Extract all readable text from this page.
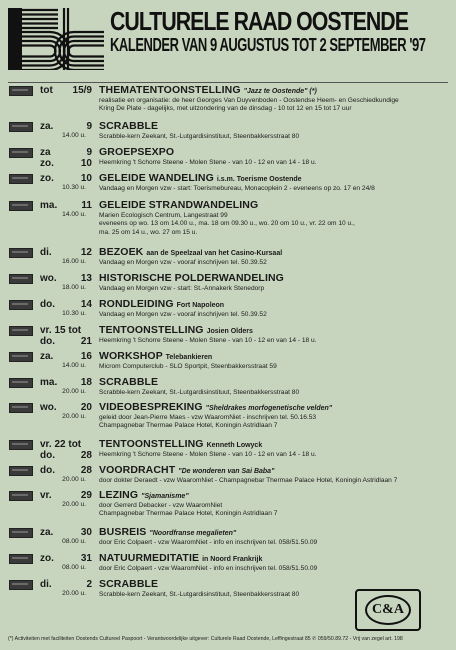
CULTURELE RAAD OOSTENDE
KALENDER VAN 9 AUGUSTUS TOT 2 SEPTEMBER '97
tot	15/9 THEMATENTOONSTELLING "Jazz te Oostende" (*)
realisatie en organisatie: de heer Georges Van Duyvenboden - Oostendse Heem- en Geschiedkundige
Kring De Plate - dagelijks, met uitzondering van de dinsdag - 10 tot 12 en 15 tot 17 uur
za.	9
14.00 u.
SCRABBLE
Scrabble-kern Zeekant, St.-Lutgardisinstituut, Steenbakkersstraat 80
za	9
zo.	10
GROEPSEXPO
Heemkring 't Schorre Steene - Molen Stene - van 10 - 12 en van 14 - 18 u.
zo.	10
10.30 u.
GELEIDE WANDELING i.s.m. Toerisme Oostende
Vandaag en Morgen vzw - start: Toerismebureau, Monacoplein 2 - eveneens op zo. 17 en 24/8
ma.	11
14.00 u.
GELEIDE STRANDWANDELING
Marien Ecologisch Centrum, Langestraat 99
eveneens op wo. 13 om 14.00 u., ma. 18 om 09.30 u., wo. 20 om 10 u., vr. 22 om 10 u.,
ma. 25 om 14 u., wo. 27 om 15 u.
di.	12
16.00 u.
BEZOEK aan de Speelzaal van het Casino-Kursaal
Vandaag en Morgen vzw - vooraf inschrijven tel. 50.39.52
wo.	13
18.00 u.
HISTORISCHE POLDERWANDELING
Vandaag en Morgen vzw - start: St.-Annakerk Stenedorp
do.	14
10.30 u.
RONDLEIDING Fort Napoleon
Vandaag en Morgen vzw - vooraf inschrijven tel. 50.39.52
vr. 15 tot
do.	21
TENTOONSTELLING Josien Olders
Heemkring 't Schorre Steene - Molen Stene - van 10 - 12 en van 14 - 18 u.
za.	16
14.00 u.
WORKSHOP Telebankieren
Microm Computerclub - SLO Sportpit, Steenbakkersstraat 59
ma.	18
20.00 u.
SCRABBLE
Scrabble-kern Zeekant, St.-Lutgardisinstituut, Steenbakkersstraat 80
wo.	20
20.00 u.
VIDEOBESPREKING "Sheldrakes morfogenetische velden"
geleid door Jean-Pierre Maes - vzw WaaromNiet - inschrijven tel. 50.16.53
Champagnebar Thermae Palace Hotel, Koningin Astridlaan 7
vr. 22 tot
do.	28
TENTOONSTELLING Kenneth Lowyck
Heemkring 't Schorre Steene - Molen Stene - van 10 - 12 en van 14 - 18 u.
do.	28
20.00 u.
VOORDRACHT "De wonderen van Sai Baba"
door dokter Deraedt - vzw WaaromNiet - Champagnebar Thermae Palace Hotel, Koningin Astridlaan 7
vr.	29
20.00 u.
LEZING "Sjamanisme"
door Gerrerd Debacker - vzw WaaromNiet
Champagnebar Thermae Palace Hotel, Koningin Astridlaan 7
za.	30
08.00 u.
BUSREIS "Noordfranse megalieten"
door Eric Colpaert - vzw WaaromNiet - info en inschrijven tel. 058/51.50.09
zo.	31
08.00 u.
NATUURMEDITATIE in Noord Frankrijk
door Eric Colpaert - vzw WaaromNiet - info en inschrijven tel. 058/51.50.09
di.	2
20.00 u.
SCRABBLE
Scrabble-kern Zeekant, St.-Lutgardisinstituut, Steenbakkersstraat 80
C&A
(*) Activiteiten met faciliteiten Oostends Cultureel Paspoort - Verantwoordelijke uitgever: Culturele Raad Oostende, Leffingestraat 85 ✆ 059/50.89.72 - Vrij van zegel art. 198
